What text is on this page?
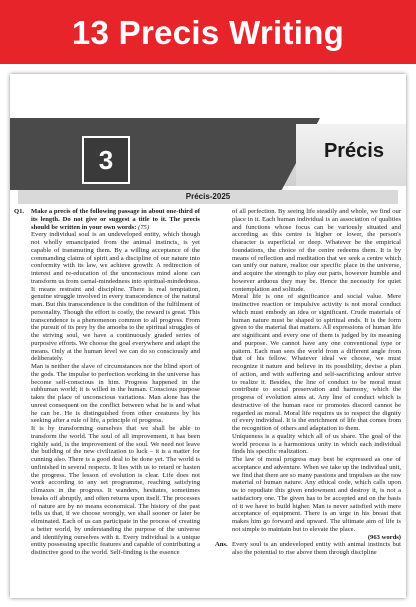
13 Precis Writing
3	Précis
Précis-2025
Q1.	Make a precis of the following passage in about one-third of its length. Do not give or suggest a title to it. The precis should be written in your own words: (75)

Every individual soul is an undeveloped entity, which though not wholly emancipated from the animal instincts, is yet capable of transmuting them. By a willing acceptance of the commanding claims of spirit and a discipline of our nature into conformity with its law, we achieve growth: A redirection of interest and re-education of the unconscious mind alone can transform us from carnal-mindedness into spiritual-mindedness. It means restraint and discipline. There is real temptation, genuine struggle involved in every transcendence of the natural man. But this transcendence is the condition of the fulfilment of personality. Though the effort is costly, the reward is great. This transcendence is a phenomenon common to all progress. From the pursuit of its prey by the amoeba to the spiritual struggles of the striving soul, we have a continuously graded series of purposive efforts. We choose the goal everywhere and adapt the means. Only at the human level we can do so consciously and deliberately.

Man is neither the slave of circumstances nor the blind sport of the gods. The impulse to perfection working in the universe has become self-conscious in him. Progress happened in the subhuman world; it is willed in the human. Conscious purpose takes the place of unconscious variations. Man alone has the unrest consequent on the conflict between what he is and what he can be. He is distinguished from other creatures by his seeking after a rule of life, a principle of progress.

It is by transforming ourselves that we shall be able to transform the world. The soul of all improvement, it has been rightly said, is the improvement of the soul. We need not leave the building of the new civilization to luck – it is a matter for cunning also. There is a good deal to be done yet. The world is unfinished in several respects. It lies with us to retard or hasten the progress. The lesson of evolution is clear. Life does not work according to any set programme, reaching satisfying climaxes in the progress. It wanders, hesitates, sometimes breaks off abruptly, and often returns upon itself. The processes of nature are by no means economical. The history of the past tells us that, if we choose wrongly, we shall sooner or later be eliminated. Each of us can participate in the process of creating a better world, by understanding the purpose of the universe and identifying ourselves with it. Every individual is a unique entity possessing specific features and capable of contributing a distinctive good to the world. Self-finding is the essence

of all perfection. By seeing life steadily and whole, we find our place in it. Each human individual is an association of qualities and functions whose focus can be variously situated and according as this centre is higher or lower, the person's character is superficial or deep. Whatever be the empirical foundations, the choice of the centre redeems them. It is by means of reflection and meditation that we seek a centre which can unify our nature, realize our specific place in the universe, and acquire the strength to play our parts, however humble and however arduous they may be. Hence the necessity for quiet contemplation and solitude.

Moral life is one of significance and social value. Mere instinctive reaction or impulsive activity is not moral conduct which must embody an idea or significant. Crude materials of human nature must be shaped to spiritual ends. It is the form given to the material that matters. All expressions of human life are significant and every one of them is judged by its meaning and purpose. We cannot have any one conventional type or pattern. Each man sees the world from a different angle from that of his fellow. Whatever ideal we choose, we must recognize it nature and believe in its possibility, devise a plan of action, and with suffering and self-sacrificing ardour strive to realize it. Besides, the line of conduct to be moral must contribute to social preservation and harmony, which the progress of evolution aims at. Any line of conduct which is destructive of the human race or promotes discord cannot be regarded as moral. Moral life requires us to respect the dignity of every individual. It is the enrichment of life that comes from the recognition of others and adaptation to them.

Uniqueness is a quality which all of us share. The goal of the world process is a harmonious unity in which each individual finds his specific realization.

The law of moral progress may best be expressed as one of acceptance and adventure. When we take up the individual unit, we find that there are so many passions and impulses as the raw material of human nature. Any ethical code, which calls upon us to repudiate this given endowment and destroy it, is not a satisfactory one. The given has to be accepted and on the basis of it we have to build higher. Man is never satisfied with mere acceptance of equipment. There is an urge in his breast that makes him go forward and upward. The ultimate aim of life is not simple to maintain but to elevate the place.

(963 words)
Ans. Every soul is an undeveloped entity with animal instincts but also the potential to rise above them through discipline
